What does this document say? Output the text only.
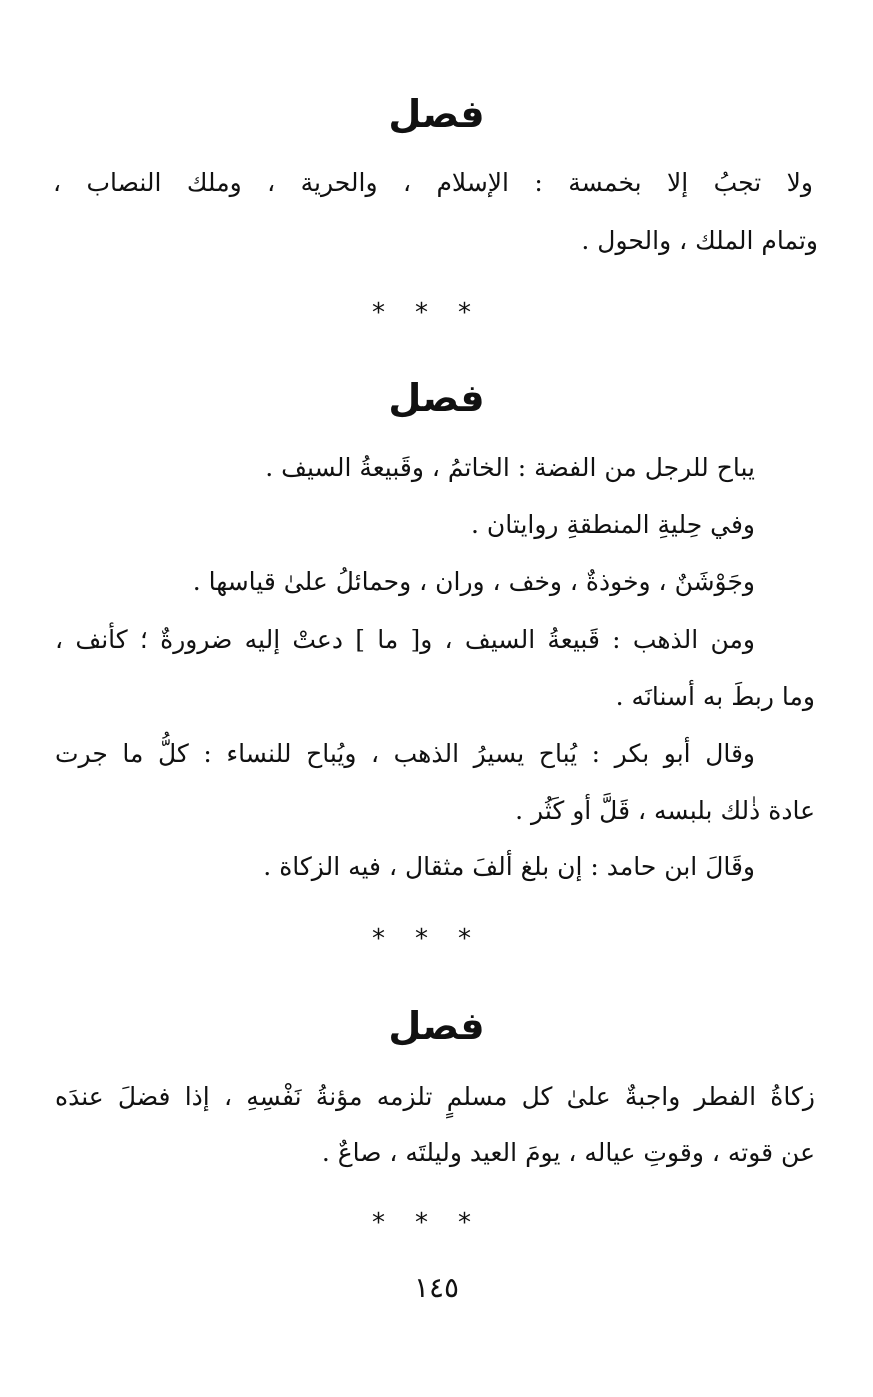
فصل
ولا تجبُ إلا بخمسة : الإسلام ، والحرية ، وملك النصاب ،
وتمام الملك ، والحول .
***
فصل
يباح للرجل من الفضة : الخاتمُ ، وقَبيعةُ السيف .
وفي حِليةِ المنطقةِ روايتان .
وجَوْشَنٌ ، وخوذةٌ ، وخف ، وران ، وحمائلُ علىٰ قياسها .
ومن الذهب : قَبيعةُ السيف ، و[ ما ] دعتْ إليه ضرورةٌ ؛ كأنف ،
وما ربطَ به أسنانَه .
وقال أبو بكر : يُباح يسيرُ الذهب ، ويُباح للنساء : كلُّ ما جرت
عادة ذٰلك بلبسه ، قَلَّ أو كَثُر .
وقَالَ ابن حامد : إن بلغ ألفَ مثقال ، فيه الزكاة .
***
فصل
زكاةُ الفطر واجبةٌ علىٰ كل مسلمٍ تلزمه مؤنةُ نَفْسِهِ ، إذا فضلَ عندَه
عن قوته ، وقوتِ عياله ، يومَ العيد وليلتَه ، صاعٌ .
***
١٤٥
